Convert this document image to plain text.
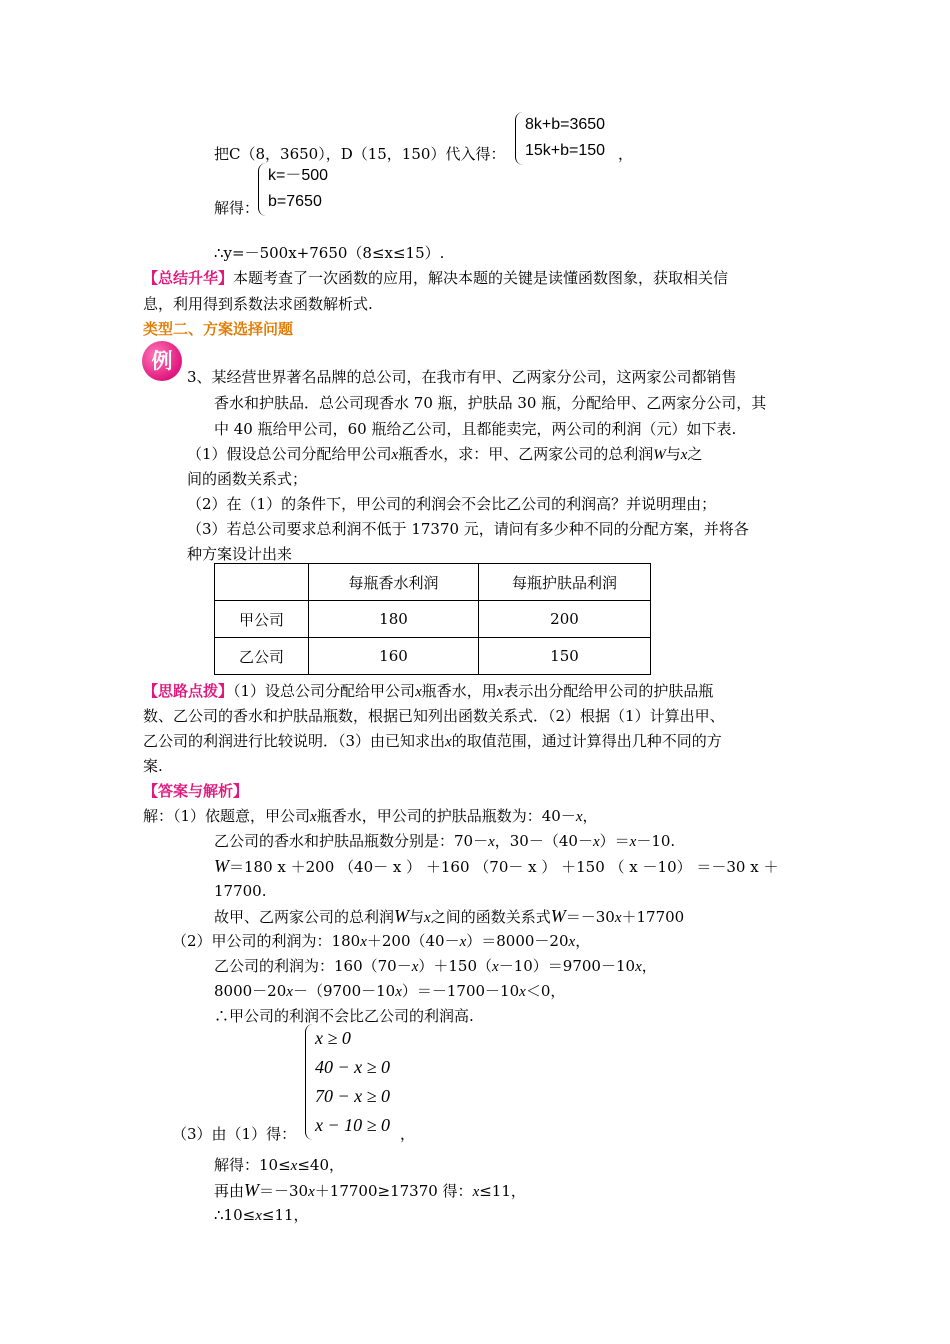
把C（8，3650），D（15，150）代入得：
8k+b=3650
15k+b=150 ，
解得：
k=－500
b=7650
∴y=－500x+7650（8≤x≤15）.
【总结升华】本题考查了一次函数的应用，解决本题的关键是读懂函数图象，获取相关信
息，利用得到系数法求函数解析式.
类型二、方案选择问题
例
3、某经营世界著名品牌的总公司，在我市有甲、乙两家分公司，这两家公司都销售
香水和护肤品．总公司现香水 70 瓶，护肤品 30 瓶，分配给甲、乙两家分公司，其
中 40 瓶给甲公司，60 瓶给乙公司，且都能卖完，两公司的利润（元）如下表.
（1）假设总公司分配给甲公司x瓶香水，求：甲、乙两家公司的总利润W与x之
间的函数关系式；
（2）在（1）的条件下，甲公司的利润会不会比乙公司的利润高？并说明理由；
（3）若总公司要求总利润不低于 17370 元，请问有多少种不同的分配方案，并将各
种方案设计出来
	每瓶香水利润	每瓶护肤品利润
甲公司	180	200
乙公司	160	150
【思路点拨】（1）设总公司分配给甲公司x瓶香水，用x表示出分配给甲公司的护肤品瓶
数、乙公司的香水和护肤品瓶数，根据已知列出函数关系式．（2）根据（1）计算出甲、
乙公司的利润进行比较说明．（3）由已知求出x的取值范围，通过计算得出几种不同的方
案.
【答案与解析】
解：（1）依题意，甲公司x瓶香水，甲公司的护肤品瓶数为：40－x，
乙公司的香水和护肤品瓶数分别是：70－x，30－（40－x）＝x－10.
W＝180 x ＋200 （40－ x ） ＋160 （70－ x ） ＋150 （ x －10） ＝－30 x ＋
17700.
故甲、乙两家公司的总利润W与x之间的函数关系式W＝－30x＋17700
（2）甲公司的利润为：180x＋200（40－x）＝8000－20x，
乙公司的利润为：160（70－x）＋150（x－10）＝9700－10x，
8000－20x－（9700－10x）＝－1700－10x＜0，
∴甲公司的利润不会比乙公司的利润高.
x ≥ 0
40 − x ≥ 0
70 − x ≥ 0
x − 10 ≥ 0
（3）由（1）得：	，
解得：10≤x≤40，
再由W＝－30x＋17700≥17370 得：x≤11，
∴10≤x≤11，
